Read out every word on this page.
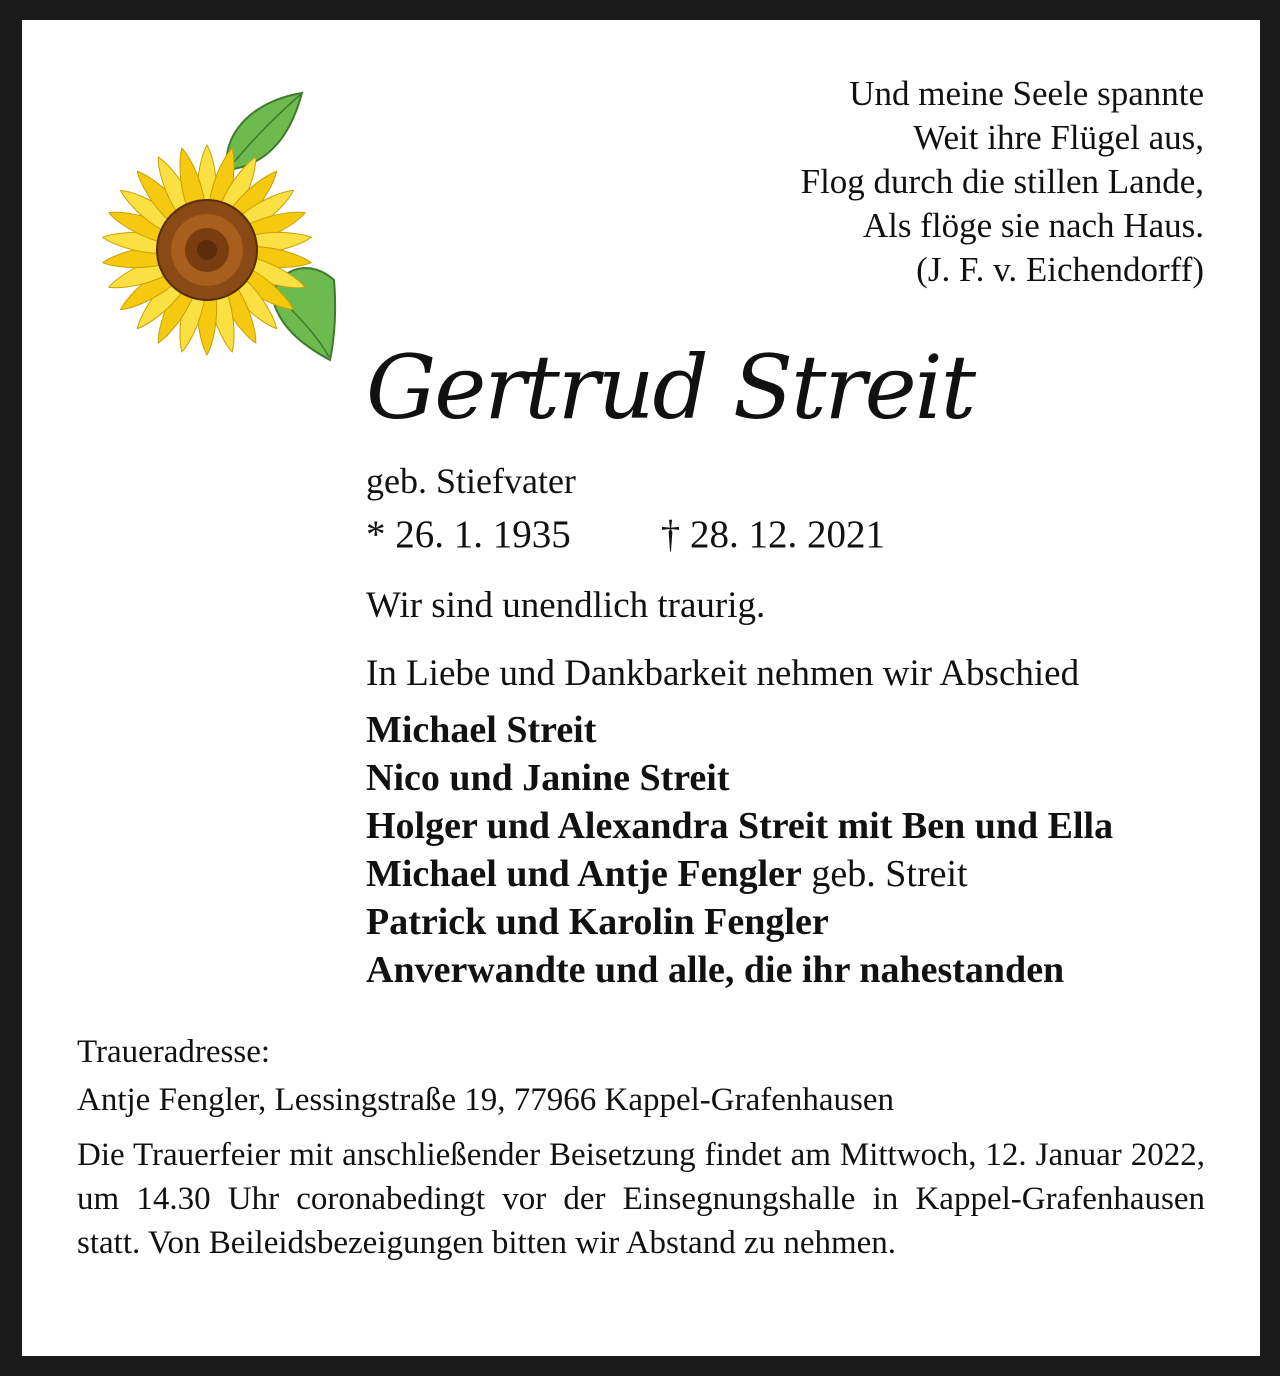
Und meine Seele spannte
Weit ihre Flügel aus,
Flog durch die stillen Lande,
Als flöge sie nach Haus.
(J. F. v. Eichendorff)
Gertrud Streit
geb. Stiefvater
* 26. 1. 1935 † 28. 12. 2021
Wir sind unendlich traurig.
In Liebe und Dankbarkeit nehmen wir Abschied
Michael Streit
Nico und Janine Streit
Holger und Alexandra Streit mit Ben und Ella
Michael und Antje Fengler geb. Streit
Patrick und Karolin Fengler
Anverwandte und alle, die ihr nahestanden
Traueradresse:
Antje Fengler, Lessingstraße 19, 77966 Kappel-Grafenhausen
Die Trauerfeier mit anschließender Beisetzung findet am Mittwoch, 12. Januar 2022, um 14.30 Uhr coronabedingt vor der Einsegnungshalle in Kappel-Grafenhausen statt. Von Beileidsbezeigungen bitten wir Abstand zu nehmen.
